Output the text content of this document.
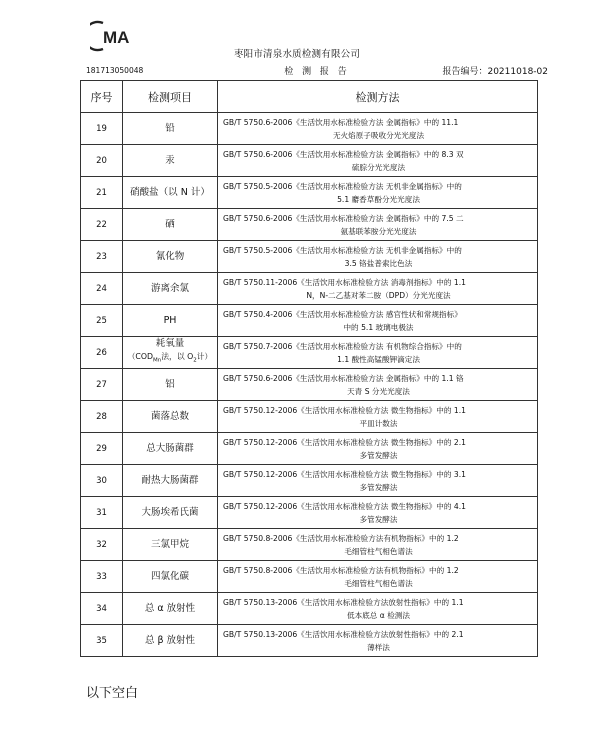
MA
枣阳市清泉水质检测有限公司
181713050048	检 测 报 告	报告编号：20211018-02
序号	检测项目	检测方法
19	铅	GB/T 5750.6-2006《生活饮用水标准检验方法 金属指标》中的 11.1
无火焰原子吸收分光光度法

20	汞	GB/T 5750.6-2006《生活饮用水标准检验方法 金属指标》中的 8.3 双
硫腙分光光度法

21	硝酸盐（以 N 计）	GB/T 5750.5-2006《生活饮用水标准检验方法 无机非金属指标》中的
5.1 麝香草酚分光光度法

22	硒	GB/T 5750.6-2006《生活饮用水标准检验方法 金属指标》中的 7.5 二
氨基联苯胺分光光度法

23	氰化物	GB/T 5750.5-2006《生活饮用水标准检验方法 无机非金属指标》中的
3.5 铬盐普索比色法

24	游离余氯	GB/T 5750.11-2006《生活饮用水标准检验方法 消毒剂指标》中的 1.1
N，N-二乙基对苯二胺（DPD）分光光度法

25	PH	GB/T 5750.4-2006《生活饮用水标准检验方法 感官性状和常规指标》
中的 5.1 玻璃电极法

26	耗氧量
（$COD_{Mn}$法，以 $O_2$计）	GB/T 5750.7-2006《生活饮用水标准检验方法 有机物综合指标》中的
1.1 酸性高锰酸钾滴定法

27	铝	GB/T 5750.6-2006《生活饮用水标准检验方法 金属指标》中的 1.1 铬
天青 S 分光光度法

28	菌落总数	GB/T 5750.12-2006《生活饮用水标准检验方法 微生物指标》中的 1.1
平皿计数法

29	总大肠菌群	GB/T 5750.12-2006《生活饮用水标准检验方法 微生物指标》中的 2.1
多管发酵法

30	耐热大肠菌群	GB/T 5750.12-2006《生活饮用水标准检验方法 微生物指标》中的 3.1
多管发酵法

31	大肠埃希氏菌	GB/T 5750.12-2006《生活饮用水标准检验方法 微生物指标》中的 4.1
多管发酵法

32	三氯甲烷	GB/T 5750.8-2006《生活饮用水标准检验方法有机物指标》中的 1.2
毛细管柱气相色谱法

33	四氯化碳	GB/T 5750.8-2006《生活饮用水标准检验方法有机物指标》中的 1.2
毛细管柱气相色谱法

34	总 α 放射性	GB/T 5750.13-2006《生活饮用水标准检验方法放射性指标》中的 1.1
低本底总 α 检测法

35	总 β 放射性	GB/T 5750.13-2006《生活饮用水标准检验方法放射性指标》中的 2.1
薄样法
以下空白
